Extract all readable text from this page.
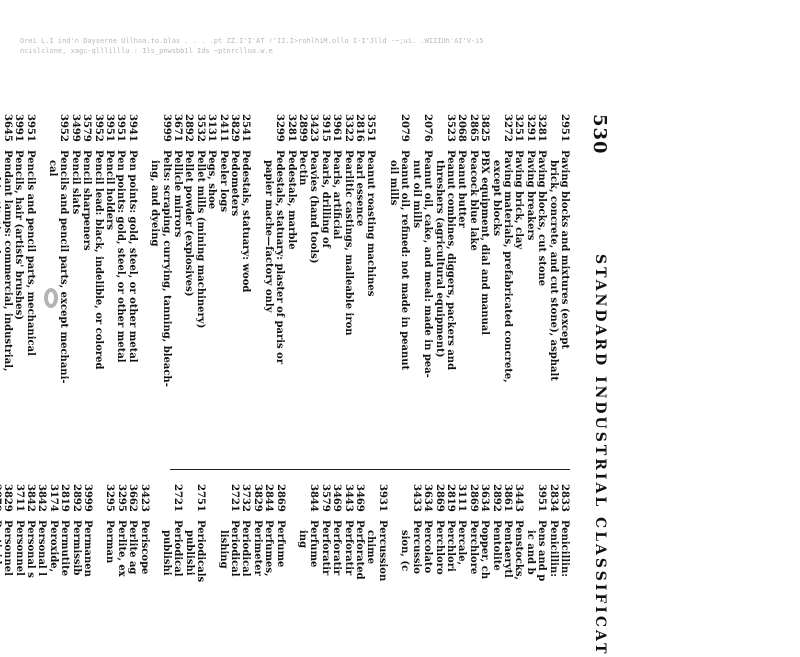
Orei L.I ind'n Dayserne Ullhoa.to.blas . . . .pt ZZ.I'I'AT !'II.I>rohlhiM.ollo I-I'Jlld ·~;ui. .WIIIUh'AI'V-i5
ncislclone, xagc-qlllilllu : Ils_pnwsbb1l Ids ~ptnrcllua.w.e
530
STANDARD INDUSTRIAL CLASSIFICAT
2951
Paving blocks and mixtures (except
brick, concrete, and cut stone), asphalt
3281
Paving blocks, cut stone
3291
Paving breakers
3251
Paving brick, clay
3272
Paving materials, prefabricated concrete,
except blocks
3825
PBX equipment, dial and manual
2865
Peacock blue lake
2068
Peanut butter
3523
Peanut combines, diggers, packers and
threshers (agricultural equipment)
2076
Peanut oil, cake, and meal: made in pea-
nut oil mills
2079
Peanut oil, refined: not made in peanut
oil mills
3551
Peanut roasting machines
2816
Pearl essence
3322
Pearlitic castings, malleable iron
3961
Pearls, artificial
3915
Pearls, drilling of
3423
Peavies (hand tools)
2899
Pectin
3281
Pedestals, marble
3299
Pedestals, statuary: plaster of paris or
papier mache—factory only
2541
Pedestals, statuary: wood
3829
Pedometers
2411
Peeler logs
3131
Pegs, shoe
3532
Pellet mills (mining machinery)
2892
Pellet powder (explosives)
3671
Pellicle mirrors
3999
Pelts: scraping, currying, tanning, bleach-
ing, and dyeing
3941
Pen points: gold, steel, or other metal
3951
Pen points: gold, steel, or other metal
3951
Pencil holders
3952
Pencil lead: black, indelible, or colored
3579
Pencil sharpeners
3499
Pencil slats
3952
Pencils and pencil parts, except mechani-
cal
3951
Pencils and pencil parts, mechanical
3991
Pencils, hair (artists' brushes)
3645
Pendant lamps: commercial, industrial,
2833
Penicillin:
2834
Penicillin:
3951
Pens and p
ic and b
3443
Penstocks,
3861
Pentaerytl
2892
Pentolite
3634
Popper, ch
2869
Perchlore
3111
Percale,
2819
Perchlori
2869
Perchloro
3634
Percolato
3433
Percussio
sion, (c
3931
Percussion
chime
3469
Perforated
3443
Perforatir
3469
Perforatir
3579
Perforatir
3844
Perfume
ing
2869
Perfume
2844
Perfumes,
3829
Perimeter
3732
Periodical
2721
Periodical
lishing
2751
Periodicals
publishi
2721
Periodical
publishi
3423
Periscope
3662
Perlite ag
3295
Perlite, ex
3295
Perman
3999
Permanen
2892
Permissib
2819
Permutite
3174
Peroxide,
3842
Personal l
3842
Personal s
3711
Personnel
3829
Personnel
